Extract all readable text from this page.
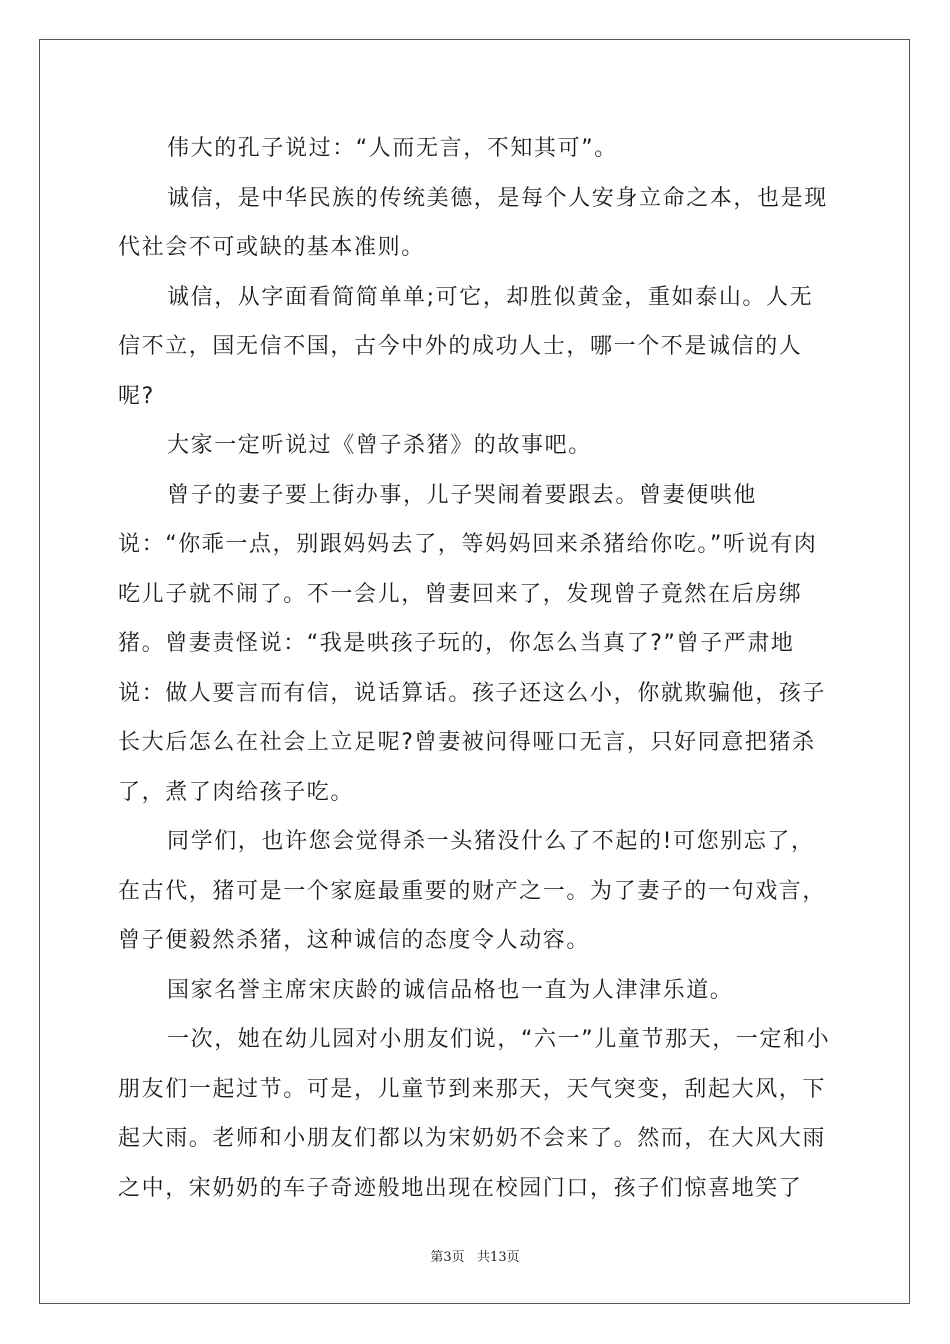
伟大的孔子说过：“人而无言，不知其可”。

诚信，是中华民族的传统美德，是每个人安身立命之本，也是现代社会不可或缺的基本准则。

诚信，从字面看简简单单;可它，却胜似黄金，重如泰山。人无信不立，国无信不国，古今中外的成功人士，哪一个不是诚信的人呢?

大家一定听说过《曾子杀猪》的故事吧。

曾子的妻子要上街办事，儿子哭闹着要跟去。曾妻便哄他说：“你乖一点，别跟妈妈去了，等妈妈回来杀猪给你吃。”听说有肉吃儿子就不闹了。不一会儿，曾妻回来了，发现曾子竟然在后房绑猪。曾妻责怪说：“我是哄孩子玩的，你怎么当真了?”曾子严肃地说：做人要言而有信，说话算话。孩子还这么小，你就欺骗他，孩子长大后怎么在社会上立足呢?曾妻被问得哑口无言，只好同意把猪杀了，煮了肉给孩子吃。

同学们，也许您会觉得杀一头猪没什么了不起的!可您别忘了，在古代，猪可是一个家庭最重要的财产之一。为了妻子的一句戏言，曾子便毅然杀猪，这种诚信的态度令人动容。

国家名誉主席宋庆龄的诚信品格也一直为人津津乐道。

一次，她在幼儿园对小朋友们说，“六一”儿童节那天，一定和小朋友们一起过节。可是，儿童节到来那天，天气突变，刮起大风，下起大雨。老师和小朋友们都以为宋奶奶不会来了。然而，在大风大雨之中，宋奶奶的车子奇迹般地出现在校园门口，孩子们惊喜地笑了

第3页   共13页
